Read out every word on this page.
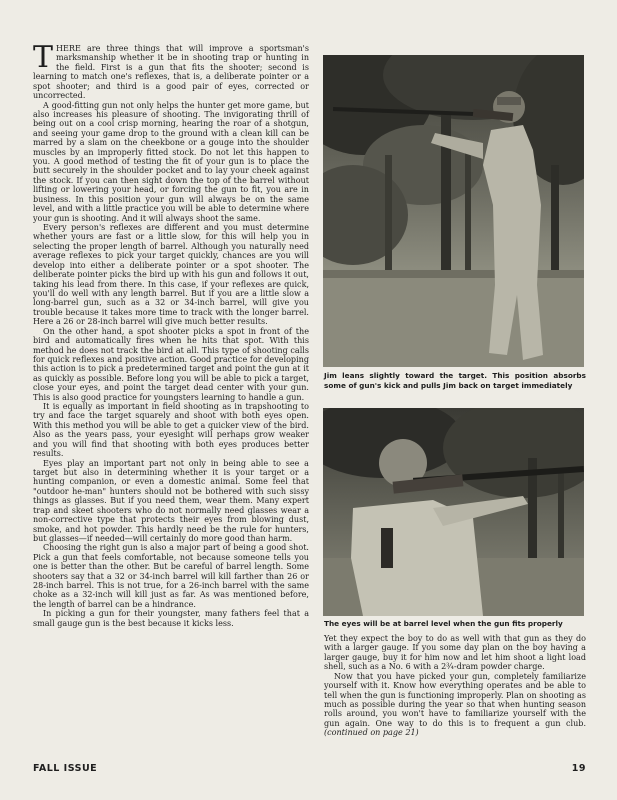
THERE are three things that will improve a sportsman's marksmanship whether it be in shooting trap or hunting in the field. First is a gun that fits the shooter; second is learning to match one's reflexes, that is, a deliberate pointer or a spot shooter; and third is a good pair of eyes, corrected or uncorrected.

A good-fitting gun not only helps the hunter get more game, but also increases his pleasure of shooting. The invigorating thrill of being out on a cool crisp morning, hearing the roar of a shotgun, and seeing your game drop to the ground with a clean kill can be marred by a slam on the cheekbone or a gouge into the shoulder muscles by an improperly fitted stock. Do not let this happen to you. A good method of testing the fit of your gun is to place the butt securely in the shoulder pocket and to lay your cheek against the stock. If you can then sight down the top of the barrel without lifting or lowering your head, or forcing the gun to fit, you are in business. In this position your gun will always be on the same level, and with a little practice you will be able to determine where your gun is shooting. And it will always shoot the same.

Every person's reflexes are different and you must determine whether yours are fast or a little slow, for this will help you in selecting the proper length of barrel. Although you naturally need average reflexes to pick your target quickly, chances are you will develop into either a deliberate pointer or a spot shooter. The deliberate pointer picks the bird up with his gun and follows it out, taking his lead from there. In this case, if your reflexes are quick, you'll do well with any length barrel. But if you are a little slow a long-barrel gun, such as a 32 or 34-inch barrel, will give you trouble because it takes more time to track with the longer barrel. Here a 26 or 28-inch barrel will give much better results.

On the other hand, a spot shooter picks a spot in front of the bird and automatically fires when he hits that spot. With this method he does not track the bird at all. This type of shooting calls for quick reflexes and positive action. Good practice for developing this action is to pick a predetermined target and point the gun at it as quickly as possible. Before long you will be able to pick a target, close your eyes, and point the target dead center with your gun. This is also good practice for youngsters learning to handle a gun.

It is equally as important in field shooting as in trapshooting to try and face the target squarely and shoot with both eyes open. With this method you will be able to get a quicker view of the bird. Also as the years pass, your eyesight will perhaps grow weaker and you will find that shooting with both eyes produces better results.

Eyes play an important part not only in being able to see a target but also in determining whether it is your target or a hunting companion, or even a domestic animal. Some feel that "outdoor he-man" hunters should not be bothered with such sissy things as glasses. But if you need them, wear them. Many expert trap and skeet shooters who do not normally need glasses wear a non-corrective type that protects their eyes from blowing dust, smoke, and hot powder. This hardly need be the rule for hunters, but glasses—if needed—will certainly do more good than harm.

Choosing the right gun is also a major part of being a good shot. Pick a gun that feels comfortable, not because someone tells you one is better than the other. But be careful of barrel length. Some shooters say that a 32 or 34-inch barrel will kill farther than 26 or 28-inch barrel. This is not true, for a 26-inch barrel with the same choke as a 32-inch will kill just as far. As was mentioned before, the length of barrel can be a hindrance.

In picking a gun for their youngster, many fathers feel that a small gauge gun is the best because it kicks less.

Jim leans slightly toward the target. This position absorbs some of gun's kick and pulls Jim back on target immediately
The eyes will be at barrel level when the gun fits properly

Yet they expect the boy to do as well with that gun as they do with a larger gauge. If you some day plan on the boy having a larger gauge, buy it for him now and let him shoot a light load shell, such as a No. 6 with a 2¾-dram powder charge.

Now that you have picked your gun, completely familiarize yourself with it. Know how everything operates and be able to tell when the gun is functioning improperly. Plan on shooting as much as possible during the year so that when hunting season rolls around, you won't have to familiarize yourself with the gun again. One way to do this is to frequent a gun club. (continued on page 21)

FALL ISSUE	19
